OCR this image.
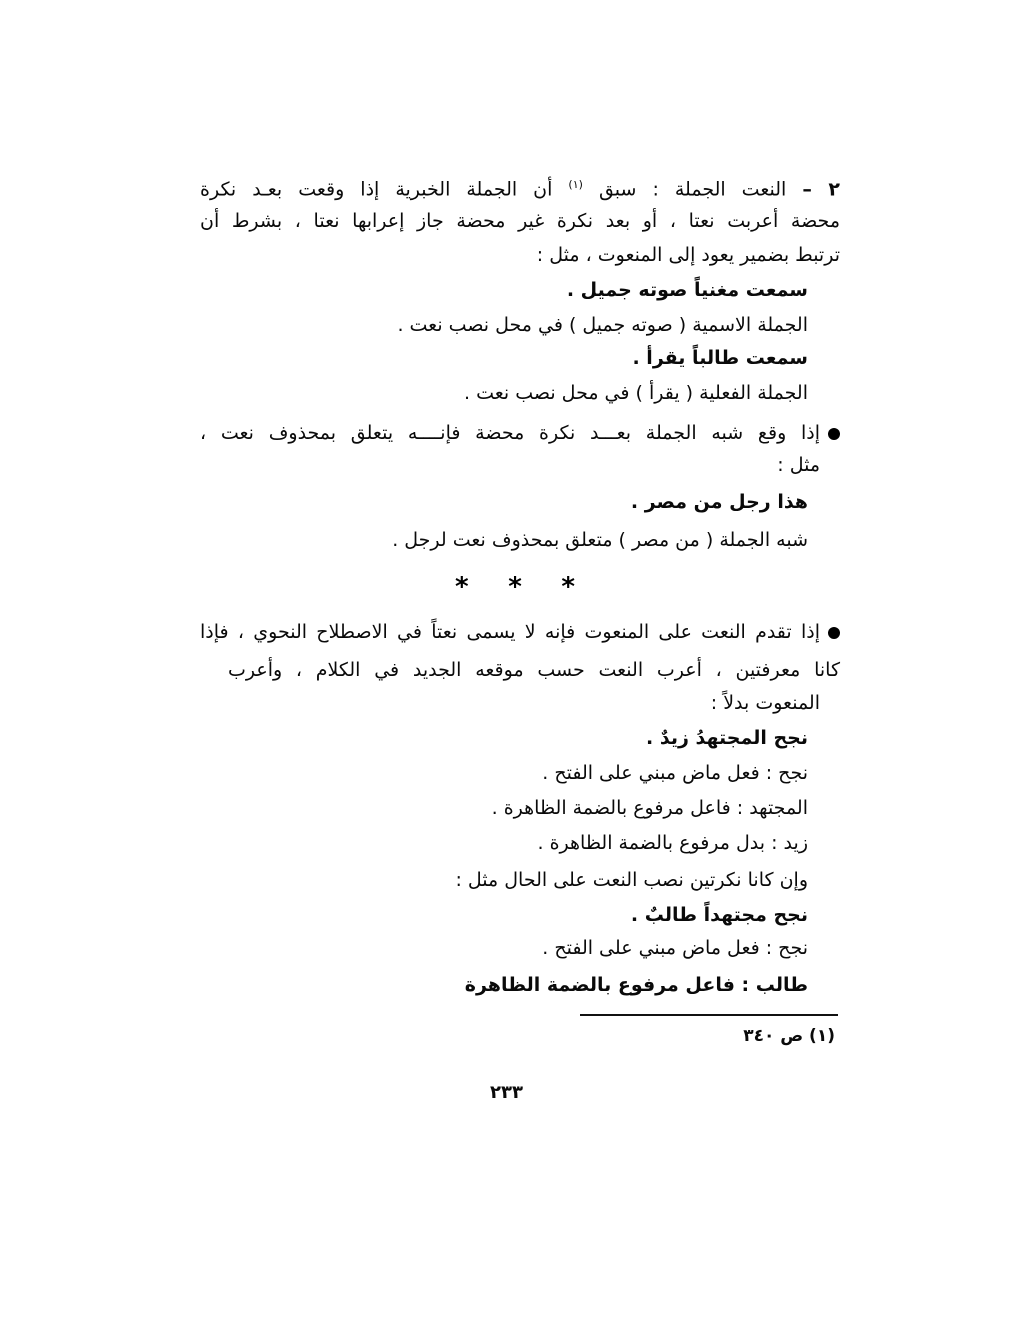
٢ – النعت الجملة : سبق $^{(١)}$ أن الجملة الخبرية إذا وقعت بعـد نكرة
محضة أعربت نعتا ، أو بعد نكرة غير محضة جاز إعرابها نعتا ، بشرط أن
ترتبط بضمير يعود إلى المنعوت ، مثل :
سمعت مغنياً صوته جميل .
الجملة الاسمية ( صوته جميل ) في محل نصب نعت .
سمعت طالباً يقرأ .
الجملة الفعلية ( يقرأ ) في محل نصب نعت .
إذا وقع شبه الجملة بعـــد نكرة محضة فإنــــه يتعلق بمحذوف نعت ،
مثل :
هذا رجل من مصر .
شبه الجملة ( من مصر ) متعلق بمحذوف نعت لرجل .
* * *
إذا تقدم النعت على المنعوت فإنه لا يسمى نعتاً في الاصطلاح النحوي ، فإذا
كانا معرفتين ، أعرب النعت حسب موقعه الجديد في الكلام ، وأعرب
المنعوت بدلاً :
نجح المجتهدُ زيدٌ .
نجح : فعل ماض مبني على الفتح .
المجتهد : فاعل مرفوع بالضمة الظاهرة .
زيد : بدل مرفوع بالضمة الظاهرة .
وإن كانا نكرتين نصب النعت على الحال مثل :
نجح مجتهداً طالبٌ .
نجح : فعل ماض مبني على الفتح .
طالب : فاعل مرفوع بالضمة الظاهرة
(١) ص ٣٤٠
٢٣٣
